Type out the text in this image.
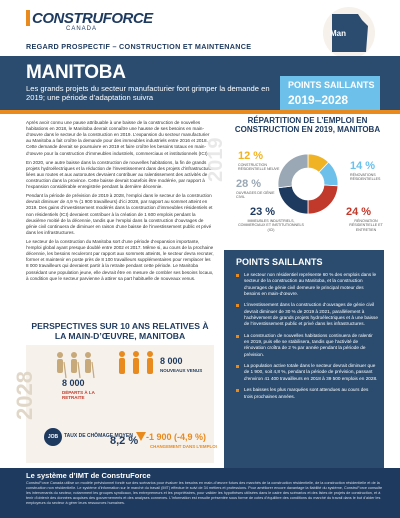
CONSTRUFORCE
CANADA
REGARD PROSPECTIF – CONSTRUCTION ET MAINTENANCE
Man
MANITOBA
Les grands projets du secteur manufacturier font grimper la demande en 2019; une période d’adaptation suivra
POINTS SAILLANTS
2019–2028

Après avoir connu une pause attribuable à une baisse de la construction de nouvelles habitations en 2018, le Manitoba devrait connaître une hausse de ses besoins en main-d’œuvre dans le secteur de la construction en 2019. L’expansion du secteur manufacturier au Manitoba a fait croître la demande pour des immeubles industriels entre 2016 et 2018. Cette demande devrait se poursuivre en 2019 et faire croître les besoins totaux en main-d’œuvre pour la construction d’immeubles industriels, commerciaux et institutionnels (ICI).

En 2020, une autre baisse dans la construction de nouvelles habitations, la fin de grands projets hydroélectriques et la réduction de l’investissement dans des projets d’infrastructures liées aux routes et aux autoroutes devraient contribuer au ralentissement des activités de construction dans la province. Cette baisse devrait toutefois être modérée, par rapport à l’expansion considérable enregistrée pendant la dernière décennie.

Pendant la période de prévision de 2019 à 2028, l’emploi dans le secteur de la construction devrait diminuer de 4,9 % (1 900 travailleurs) d’ici 2028, par rapport au sommet atteint en 2019. Des gains d’investissement modérés dans la construction d’immeubles résidentiels et non résidentiels (ICI) devraient contribuer à la création de 1 600 emplois pendant la deuxième moitié de la décennie, tandis que l’emploi dans la construction d’ouvrages de génie civil continuera de diminuer en raison d’une baisse de l’investissement public et privé dans les infrastructures.

Le secteur de la construction du Manitoba sort d’une période d’expansion importante, l’emploi global ayant presque doublé entre 2002 et 2017. Même si, au cours de la prochaine décennie, les besoins reculeront par rapport aux sommets atteints, le secteur devra recruter, former et maintenir en poste près de 8 100 travailleurs supplémentaires pour remplacer les 8 000 travailleurs qui devraient partir à la retraite pendant cette période. Le Manitoba possédant une population jeune, elle devrait être en mesure de combler ses besoins locaux, à condition que le secteur parvienne à attirer sa part habituelle de nouveaux venus.

RÉPARTITION DE L’EMPLOI EN CONSTRUCTION EN 2019, MANITOBA
2019 12 %
CONSTRUCTION RÉSIDENTIELLE NEUVE	14 %
RÉNOVATIONS RÉSIDENTIELLES
28 %
OUVRAGES DE GÉNIE CIVIL
23 %
IMMEUBLES INDUSTRIELS, COMMERCIAUX ET INSTITUTIONNELS (ICI)
24 %
RÉNOVATION RÉSIDENTIELLE ET ENTRETIEN
POINTS SAILLANTS
Le secteur non résidentiel représente 60 % des emplois dans le secteur de la construction au Manitoba, et la construction d’ouvrages de génie civil demeure le principal moteur des besoins en main-d’œuvre.
L’investissement dans la construction d’ouvrages de génie civil devrait diminuer de 30 % de 2019 à 2021, parallèlement à l’achèvement de grands projets hydroélectriques et à une baisse de l’investissement public et privé dans les infrastructures.
La construction de nouvelles habitations continuera de ralentir en 2019, puis elle se stabilisera, tandis que l’activité de rénovation croîtra de 2 % par année pendant la période de prévision.
La population active totale dans le secteur devrait diminuer que de 1 900, soit 4,8 %, pendant la période de prévision, passant d’environ 41 400 travailleurs en 2018 à 39 500 emplois en 2028.
Les baisses les plus marquées sont attendues au cours des trois prochaines années.
PERSPECTIVES SUR 10 ANS RELATIVES À LA MAIN-D’ŒUVRE, MANITOBA
2028	8 000
DÉPARTS À LA RETRAITE
8 000
NOUVEAUX VENUS
JOB	TAUX DE CHÔMAGE MOYEN
8,2 % -1 900 (-4,9 %)
CHANGEMENT DANS L’EMPLOI
Le système d’IMT de ConstruForce
ConstruForce Canada utilise un modèle prévisionnel fondé sur des scénarios pour évaluer les besoins en main-d’œuvre futurs des marchés de la construction résidentielle, de la construction résidentielle et de la construction non résidentielle. Le système d’information sur le marché du travail (IMT) effectue le suivi de 34 métiers et professions. Pour améliorer encore davantage la fiabilité du système, ConstruForce consulte les intervenants du secteur, notamment les groupes syndicaux, les entrepreneurs et les propriétaires, pour valider les hypothèses utilisées dans le cadre des scénarios et des listes de projets de construction, et à tenir d’obtenir des données acquises des gouvernements et des analyses connexes. L’information est ensuite présentée sous forme de cotes d’équilibre des conditions du marché du travail dans le but d’aider les employeurs du secteur à gérer leurs ressources humaines.
